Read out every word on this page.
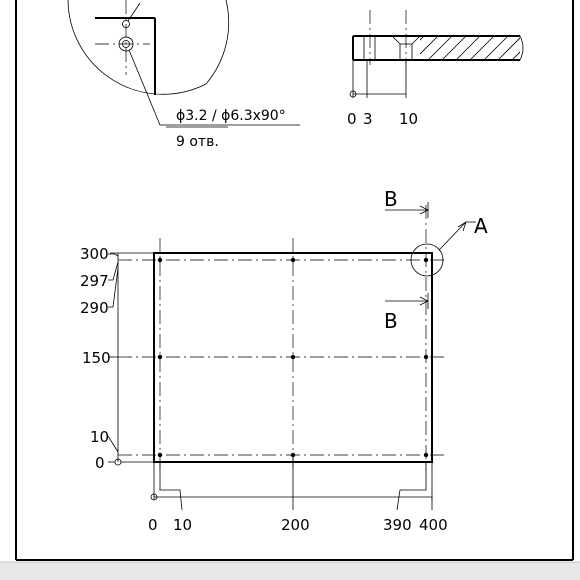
ϕ3.2 / ϕ6.3x90°
9 отв.
0 3 10
A
B
B
300
297
290
150
10
0
0 10	200	390 400
